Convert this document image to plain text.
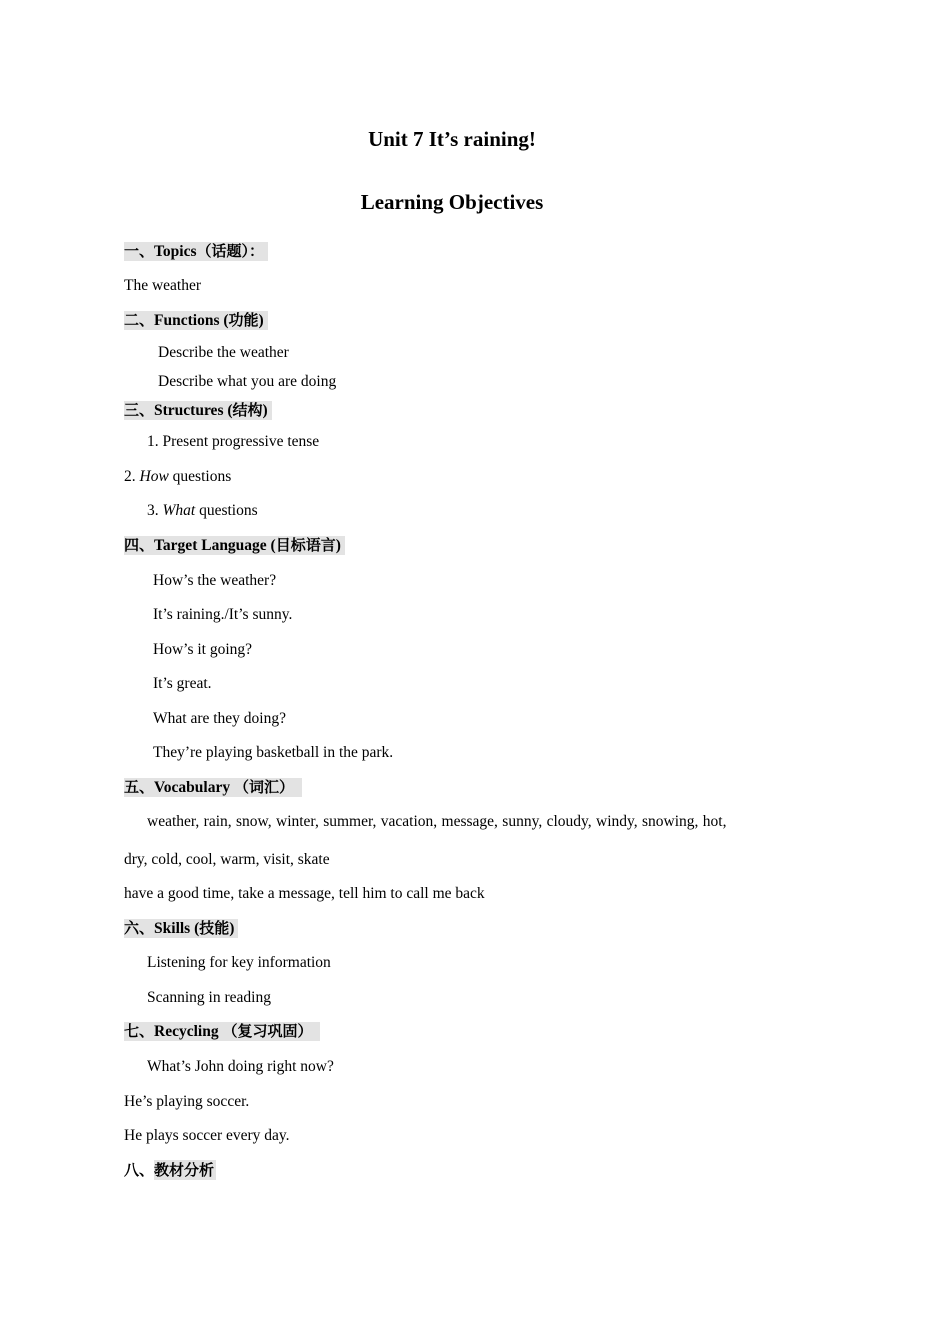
Unit 7 It’s raining!
Learning Objectives
一、Topics（话题）：
The weather
二、Functions (功能)
Describe the weather
Describe what you are doing
三、Structures (结构)
1. Present progressive tense
2. How questions
3. What questions
四、Target Language (目标语言)
How’s the weather?
It’s raining./It’s sunny.
How’s it going?
It’s great.
What are they doing?
They’re playing basketball in the park.
五、Vocabulary （词汇）
weather, rain, snow, winter, summer, vacation, message, sunny, cloudy, windy, snowing, hot,
dry, cold, cool, warm, visit, skate
have a good time, take a message, tell him to call me back
六、Skills (技能)
Listening for key information
Scanning in reading
七、Recycling （复习巩固）
What’s John doing right now?
He’s playing soccer.
He plays soccer every day.
八、教材分析
